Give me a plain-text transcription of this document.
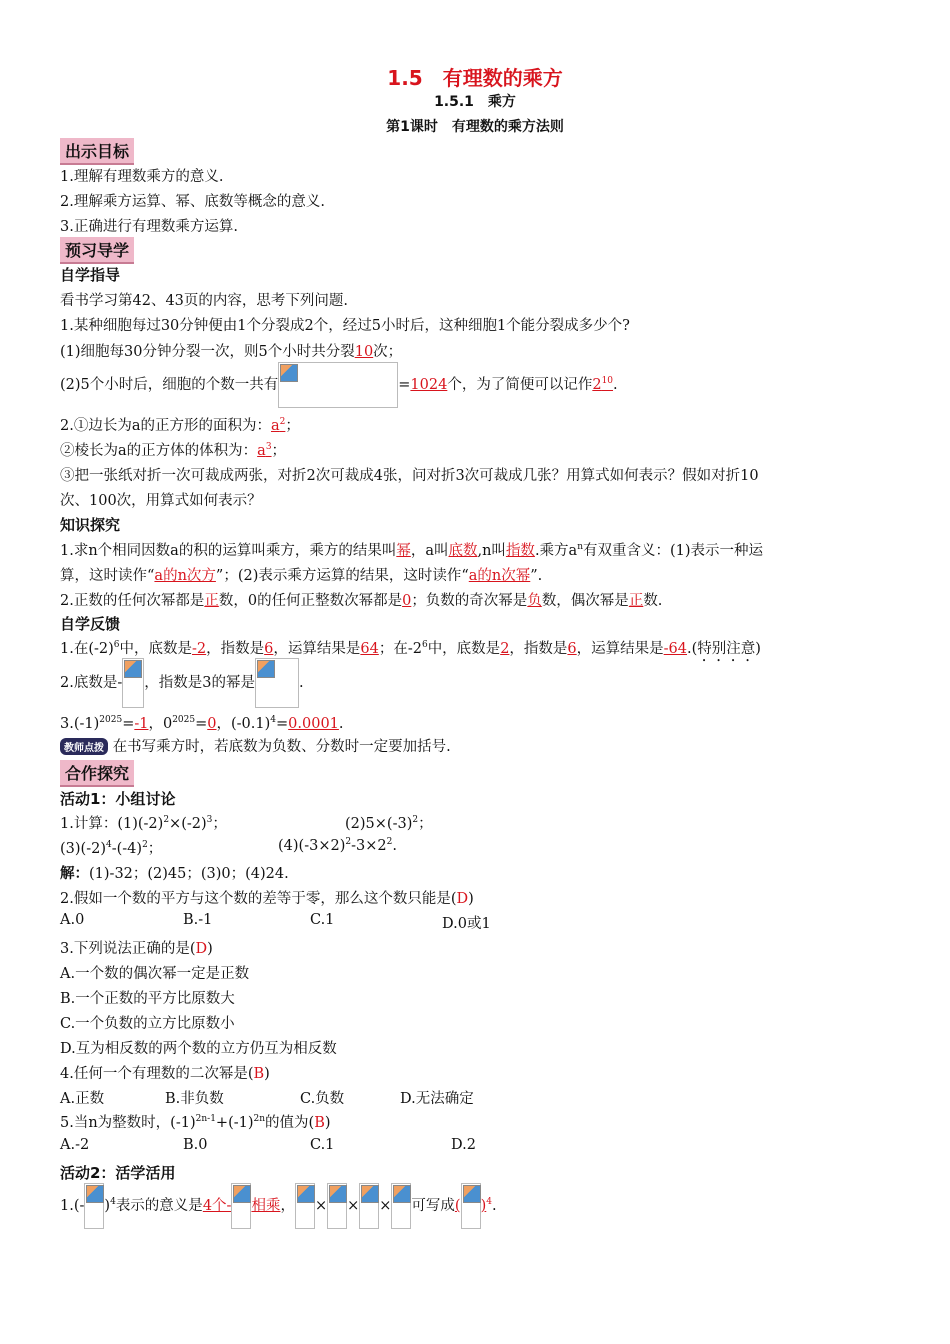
1.5　有理数的乘方
1.5.1　乘方
第1课时　有理数的乘方法则
出示目标
1.理解有理数乘方的意义.
2.理解乘方运算、幂、底数等概念的意义.
3.正确进行有理数乘方运算.
预习导学
自学指导
看书学习第42、43页的内容，思考下列问题.
1.某种细胞每过30分钟便由1个分裂成2个，经过5小时后，这种细胞1个能分裂成多少个?
(1)细胞每30分钟分裂一次，则5个小时共分裂10次；
(2)5个小时后，细胞的个数一共有	=1024个，为了简便可以记作$2^{10}$.
2.①边长为a的正方形的面积为：$a^2$；
②棱长为a的正方体的体积为：$a^3$；
③把一张纸对折一次可裁成两张，对折2次可裁成4张，问对折3次可裁成几张？用算式如何表示？假如对折10
次、100次，用算式如何表示？
知识探究
1.求n个相同因数a的积的运算叫乘方，乘方的结果叫幂，a叫底数,n叫指数.乘方$a^n$有双重含义：(1)表示一种运
算，这时读作“a的n次方”；(2)表示乘方运算的结果，这时读作“a的n次幂”.
2.正数的任何次幂都是正数，0的任何正整数次幂都是0；负数的奇次幂是负数，偶次幂是正数.
自学反馈
1.在$(-2)^6$中，底数是-2，指数是6，运算结果是64；在$-2^6$中，底数是2，指数是6，运算结果是-64.(特别注意)
2.底数是- ，指数是3的幂是	.
$3.(-1)^{2025}=-1$，$0^{2025}=0$，$(-0.1)^4=0.0001$.
教师点拨 在书写乘方时，若底数为负数、分数时一定要加括号.
合作探究
活动1：小组讨论
1.计算：$(1)(-2)^2\times(-2)^3$；	$(2)5\times(-3)^2$；
$(3)(-2)^4-(-4)^2$；	$(4)(-3\times 2)^2-3\times 2^2$.
解：(1)-32；(2)45；(3)0；(4)24.
2.假如一个数的平方与这个数的差等于零，那么这个数只能是(D)
A.0	B.-1	C.1	D.0或1
3.下列说法正确的是(D)
A.一个数的偶次幂一定是正数
B.一个正数的平方比原数大
C.一个负数的立方比原数小
D.互为相反数的两个数的立方仍互为相反数
4.任何一个有理数的二次幂是(B)
A.正数	B.非负数	C.负数	D.无法确定
5.当n为整数时，$(-1)^{2n-1}+(-1)^{2n}$的值为(B)
A.-2	B.0	C.1	D.2
活动2：活学活用
1.(- )$^4$表示的意义是4个- 相乘， × × × 可写成( )$^4$.
